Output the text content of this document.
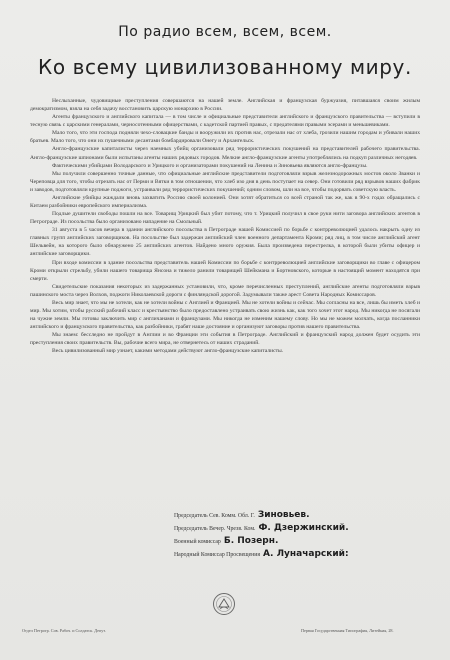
По радио всем, всем, всем.
Ко всему цивилизованному миру.

Неслыханные, чудовищные преступления совершаются на нашей земле. Английская и французская буржуазия, питавшаяся своим жилым демократизмом, взяла на себя задачу восстановить царскую монархию в России.

Агенты французского и английского капитала — в том числе и официальные представители английского и французского правительства — вступили в тесную связь с царскими генералами, черносотенными офицерствами, с кадетской партией правых, с предателями правыми эсерами и меньшевиками.

Мало того, что эти господа подняли чехо-словацкие банды и вооружили их против нас, отрезали нас от хлеба, грозили нашим городам и убивали наших братьев. Мало того, что они их пушечными десантами бомбардировали Онегу и Архангельск.

Англо-французские капиталисты через наемных убийц организовали ряд террористических покушений на представителей рабочего правительства. Англо-французские шпионами были испытаны агенты наших рядовых городов. Мелкие англо-французские агенты употреблялись на подкуп различных негодяев.

Фактическими убийцами Володарского и Урицкого и организаторами покушений на Ленина и Зиновьева являются англо-французы.

Мы получили совершенно точные данные, что официальные английские представители подготовляли взрыв железнодорожных мостов около Званки и Череповца для того, чтобы отрезать нас от Перми и Вятки в том отношении, что хлеб изо дня в день поступает на север. Они готовили ряд взрывов наших фабрик и заводов, подготовляли крупные поджоги, устраивали ряд террористических покушений; одним словом, шли на все, чтобы подорвать советскую власть.

Английские убийцы жаждали вновь захватить Россию своей колонией. Они хотят обратиться со всей страной так же, как в 90-х годах обращались с Китаем разбойники европейского империализма.

Подлые душители свободы пошли на все. Товарищ Урицкий был убит потому, что т. Урицкий получил в свое руки нити заговора английских агентов в Петрограде. Из посольства было организовано нападение на Смольный.

31 августа в 5 часов вечера в здании английского посольства в Петрограде нашей Комиссией по борьбе с контрреволюцией удалось накрыть одну из главных групп английских заговорщиков. На посольстве был задержан английский член военного департамента Кроми; ряд лиц, в том числе английский агент Шельвейн, на которого было обнаружено 25 английских агентов. Найдено много оружия. Была произведена перестрелка, в которой были убиты офицер и английские заговорщики.

При входе комиссии в здание посольства представитель нашей Комиссии по борьбе с контрреволюцией английские заговорщики во главе с офицером Кроми открыли стрельбу, убили нашего товарища Янсона и тяжело ранили товарищей Шейкмана и Бортновского, которые в настоящий момент находятся при смерти.

Свидетельские показания некоторых из задержанных установили, что, кроме перечисленных преступлений, английские агенты подготовляли взрыв пашинского моста через Волхов, поджоги Николаевской дороги с финляндской дорогой. Задумывали также арест Совета Народных Комиссаров.

Весь мир знает, что мы не хотели, как не хотели войны с Англией и Францией. Мы не хотели войны и сейчас. Мы согласны на все, лишь бы иметь хлеб и мир. Мы хотим, чтобы русский рабочий класс и крестьянство было предоставлено устраивать свою жизнь как, как того хочет этот народ. Мы никогда не посягали на чужие земли. Мы готовы заключить мир с англичанами и французами. Мы никогда не изменим нашему слову. Но мы не можем молчать, когда посланники английского и французского правительства, как разбойники, грабят наше достояние и организуют заговоры против нашего правительства.

Мы знаем: бесследно не пройдут в Англии и во Франции эти события в Петрограде. Английский и французский народ должен будет осудить эти преступления своих правительств. Вы, рабочие всего мира, не отвернетесь от наших страданий.

Весь цивилизованный мир узнает, какими методами действуют англо-французские капиталисты.

Председатель Сев. Комм. Обл. Г. Зиновьев.
Председатель Вечер. Чрезв. Ком. Ф. Дзержинский.
Военный комиссар Б. Позерн.
Народный Комиссар Просвещения А. Луначарский:
Отдел Петрогр. Сов. Рабоч. и Солдатск. Депут.	Первая Государственная Типография, Литейная, 28.
